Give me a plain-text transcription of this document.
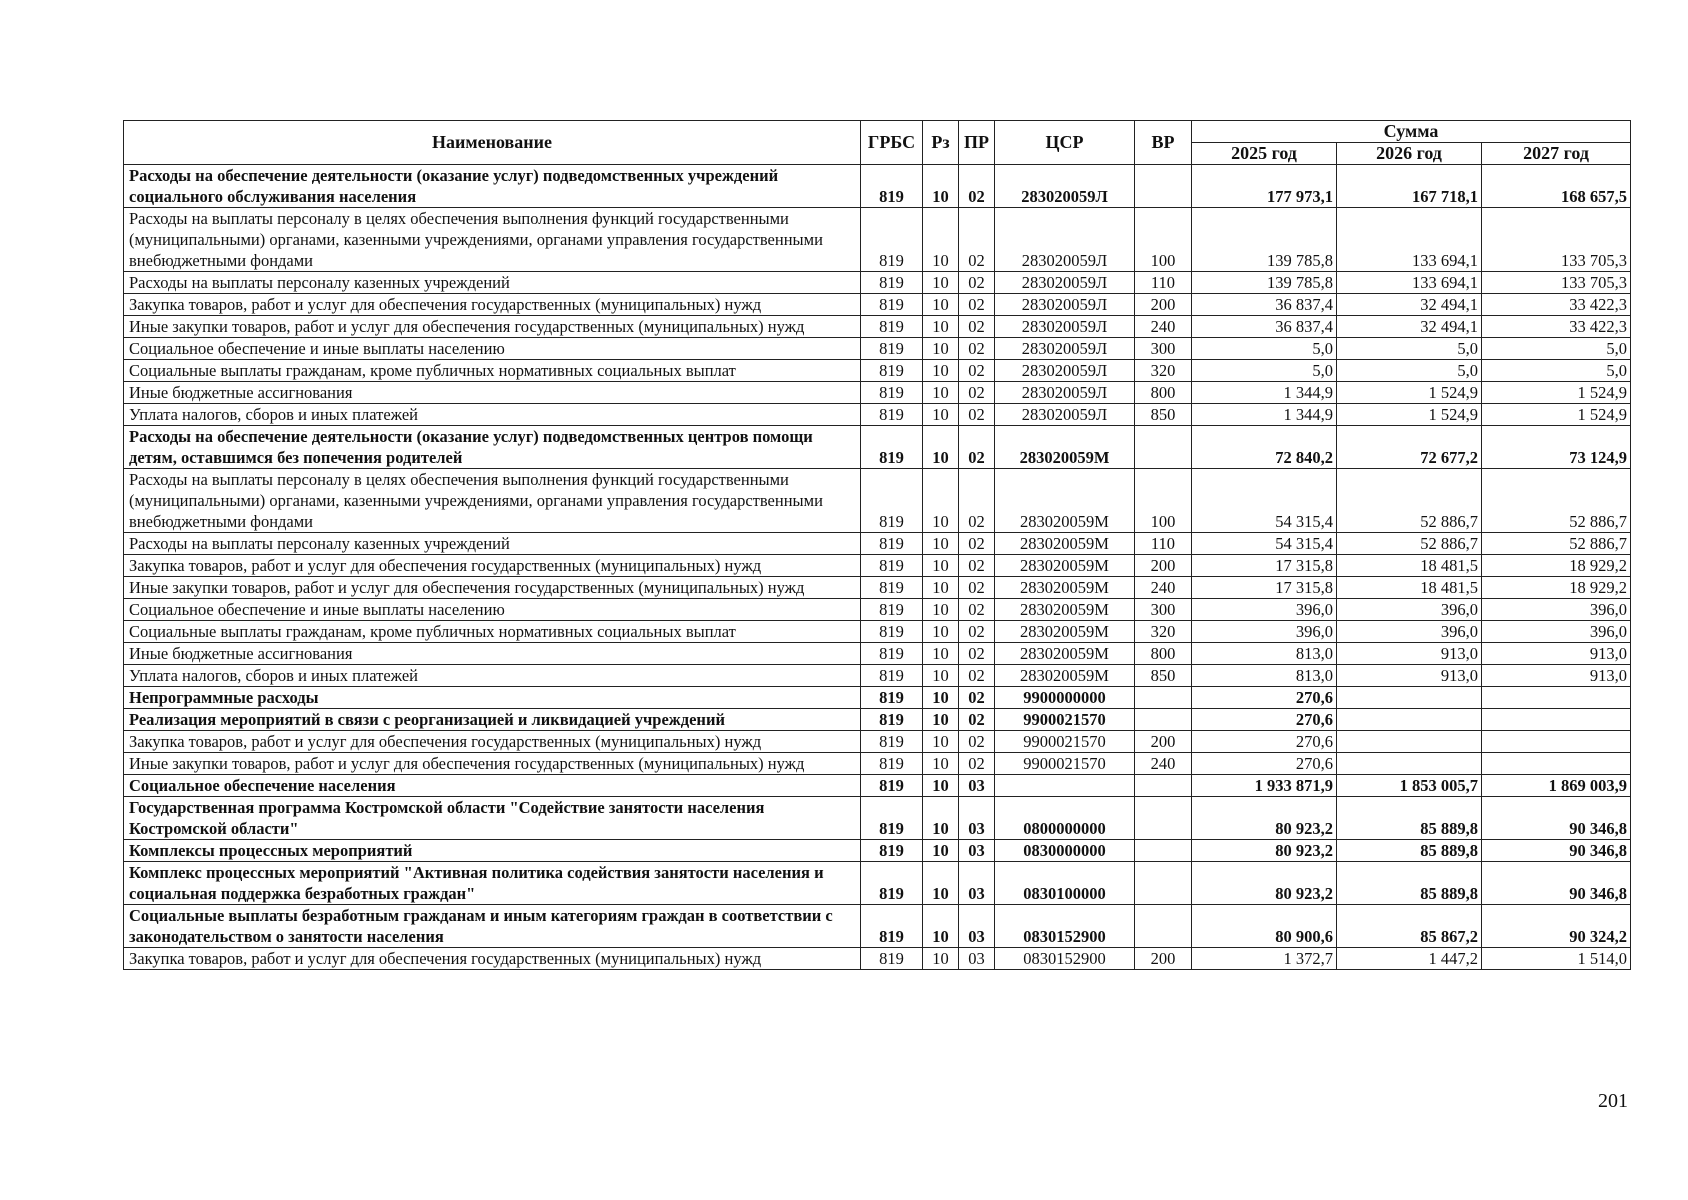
Наименование	ГРБС	Рз	ПР	ЦСР	ВР	Сумма		
						2025 год	2026 год	2027 год
Расходы на обеспечение деятельности (оказание услуг) подведомственных учреждений социального обслуживания населения	819	10	02	283020059Л		177 973,1	167 718,1	168 657,5
Расходы на выплаты персоналу в целях обеспечения выполнения функций государственными (муниципальными) органами, казенными учреждениями, органами управления государственными внебюджетными фондами	819	10	02	283020059Л	100	139 785,8	133 694,1	133 705,3
Расходы на выплаты персоналу казенных учреждений	819	10	02	283020059Л	110	139 785,8	133 694,1	133 705,3
Закупка товаров, работ и услуг для обеспечения государственных (муниципальных) нужд	819	10	02	283020059Л	200	36 837,4	32 494,1	33 422,3
Иные закупки товаров, работ и услуг для обеспечения государственных (муниципальных) нужд	819	10	02	283020059Л	240	36 837,4	32 494,1	33 422,3
Социальное обеспечение и иные выплаты населению	819	10	02	283020059Л	300	5,0	5,0	5,0
Социальные выплаты гражданам, кроме публичных нормативных социальных выплат	819	10	02	283020059Л	320	5,0	5,0	5,0
Иные бюджетные ассигнования	819	10	02	283020059Л	800	1 344,9	1 524,9	1 524,9
Уплата налогов, сборов и иных платежей	819	10	02	283020059Л	850	1 344,9	1 524,9	1 524,9
Расходы на обеспечение деятельности (оказание услуг) подведомственных центров помощи детям, оставшимся без попечения родителей	819	10	02	283020059М		72 840,2	72 677,2	73 124,9
Расходы на выплаты персоналу в целях обеспечения выполнения функций государственными (муниципальными) органами, казенными учреждениями, органами управления государственными внебюджетными фондами	819	10	02	283020059М	100	54 315,4	52 886,7	52 886,7
Расходы на выплаты персоналу казенных учреждений	819	10	02	283020059М	110	54 315,4	52 886,7	52 886,7
Закупка товаров, работ и услуг для обеспечения государственных (муниципальных) нужд	819	10	02	283020059М	200	17 315,8	18 481,5	18 929,2
Иные закупки товаров, работ и услуг для обеспечения государственных (муниципальных) нужд	819	10	02	283020059М	240	17 315,8	18 481,5	18 929,2
Социальное обеспечение и иные выплаты населению	819	10	02	283020059М	300	396,0	396,0	396,0
Социальные выплаты гражданам, кроме публичных нормативных социальных выплат	819	10	02	283020059М	320	396,0	396,0	396,0
Иные бюджетные ассигнования	819	10	02	283020059М	800	813,0	913,0	913,0
Уплата налогов, сборов и иных платежей	819	10	02	283020059М	850	813,0	913,0	913,0
Непрограммные расходы	819	10	02	9900000000		270,6		
Реализация мероприятий в связи с реорганизацией и ликвидацией учреждений	819	10	02	9900021570		270,6		
Закупка товаров, работ и услуг для обеспечения государственных (муниципальных) нужд	819	10	02	9900021570	200	270,6		
Иные закупки товаров, работ и услуг для обеспечения государственных (муниципальных) нужд	819	10	02	9900021570	240	270,6		
Социальное обеспечение населения	819	10	03			1 933 871,9	1 853 005,7	1 869 003,9
Государственная программа Костромской области "Содействие занятости населения Костромской области"	819	10	03	0800000000		80 923,2	85 889,8	90 346,8
Комплексы процессных мероприятий	819	10	03	0830000000		80 923,2	85 889,8	90 346,8
Комплекс процессных мероприятий "Активная политика содействия занятости населения и социальная поддержка безработных граждан"	819	10	03	0830100000		80 923,2	85 889,8	90 346,8
Социальные выплаты безработным гражданам и иным категориям граждан в соответствии с законодательством о занятости населения	819	10	03	0830152900		80 900,6	85 867,2	90 324,2
Закупка товаров, работ и услуг для обеспечения государственных (муниципальных) нужд	819	10	03	0830152900	200	1 372,7	1 447,2	1 514,0
201
